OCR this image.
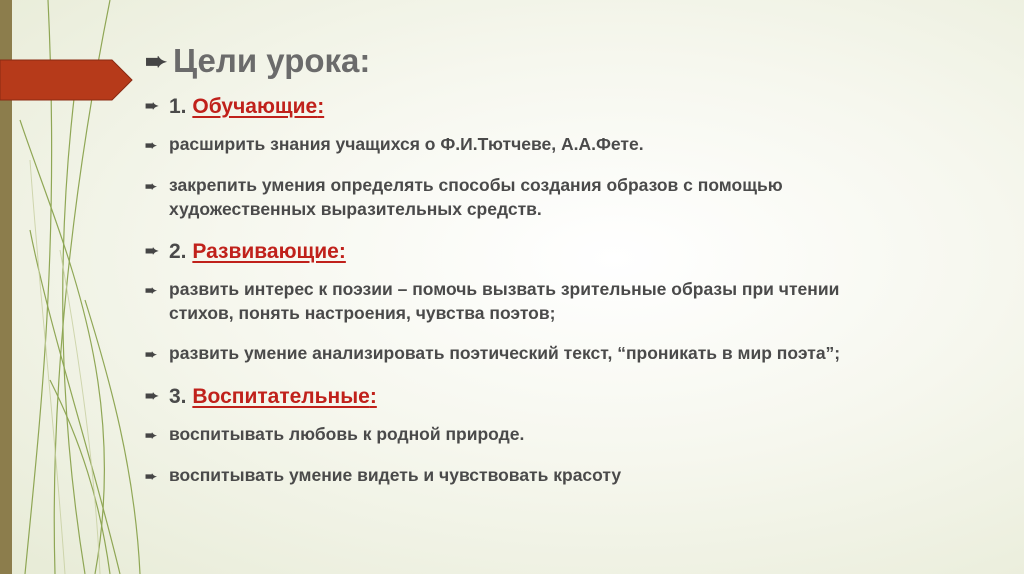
➨ Цели урока:
➨ 1. Обучающие:
➨ расширить знания учащихся о Ф.И.Тютчеве, А.А.Фете.
➨ закрепить умения определять способы создания образов с помощью художественных выразительных средств.
➨ 2. Развивающие:
➨ развить интерес к поэзии – помочь вызвать зрительные образы при чтении стихов, понять настроения, чувства поэтов;
➨ развить умение анализировать поэтический текст, “проникать в мир поэта”;
➨ 3. Воспитательные:
➨ воспитывать любовь к родной природе.
➨ воспитывать умение видеть и чувствовать красоту
